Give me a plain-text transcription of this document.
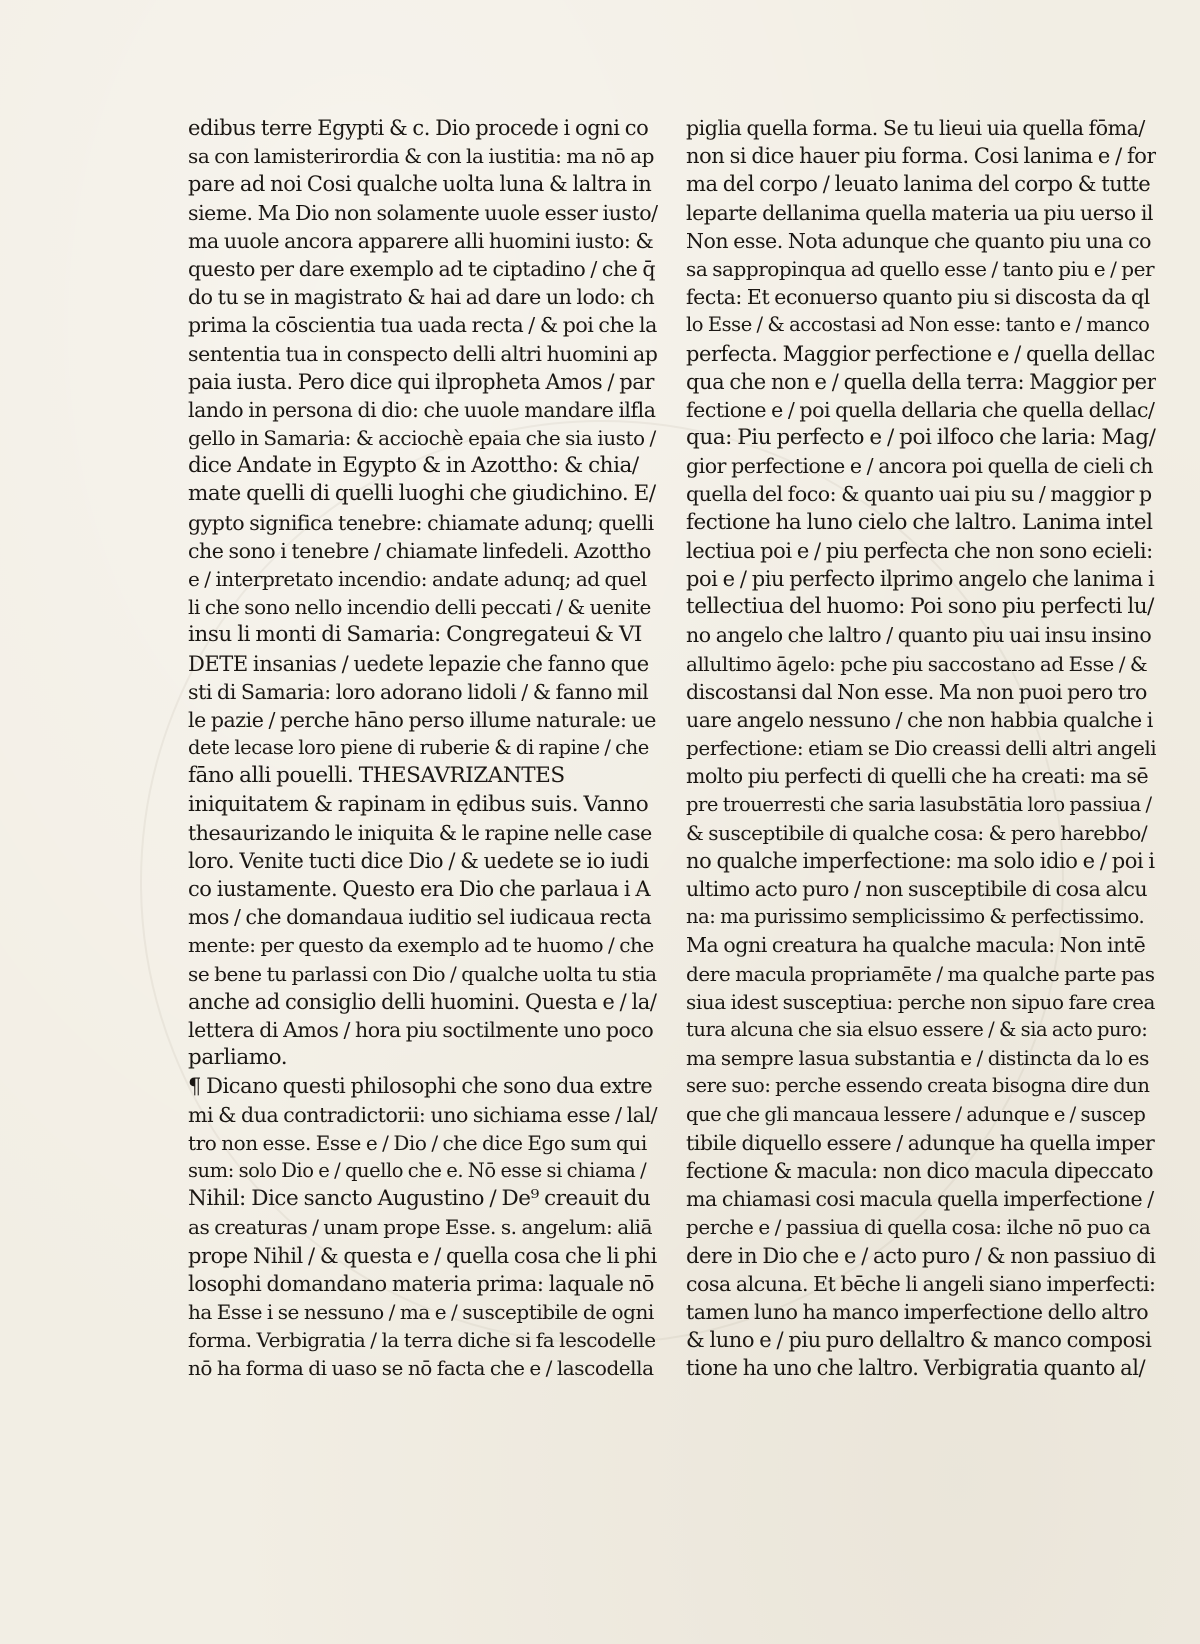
edibus terre Egypti & c. Dio procede i ogni co
sa con lamisterirordia & con la iustitia: ma nō ap
pare ad noi Cosi qualche uolta luna & laltra in
sieme. Ma Dio non solamente uuole esser iusto/
ma uuole ancora apparere alli huomini iusto: &
questo per dare exemplo ad te ciptadino / che q̄
do tu se in magistrato & hai ad dare un lodo: ch
prima la cōscientia tua uada recta / & poi che la
sententia tua in conspecto delli altri huomini ap
paia iusta. Pero dice qui ilpropheta Amos / par
lando in persona di dio: che uuole mandare ilfla
gello in Samaria: & acciochè epaia che sia iusto /
dice Andate in Egypto & in Azottho: & chia/
mate quelli di quelli luoghi che giudichino. E/
gypto significa tenebre: chiamate adunq; quelli
che sono i tenebre / chiamate linfedeli. Azottho
e / interpretato incendio: andate adunq; ad quel
li che sono nello incendio delli peccati / & uenite
insu li monti di Samaria: Congregateui & VI
DETE insanias / uedete lepazie che fanno que
sti di Samaria: loro adorano lidoli / & fanno mil
le pazie / perche hāno perso illume naturale: ue
dete lecase loro piene di ruberie & di rapine / che
fāno alli pouelli. THESAVRIZANTES
iniquitatem & rapinam in ędibus suis. Vanno
thesaurizando le iniquita & le rapine nelle case
loro. Venite tucti dice Dio / & uedete se io iudi
co iustamente. Questo era Dio che parlaua i A
mos / che domandaua iuditio sel iudicaua recta
mente: per questo da exemplo ad te huomo / che
se bene tu parlassi con Dio / qualche uolta tu stia
anche ad consiglio delli huomini. Questa e / la/
lettera di Amos / hora piu soctilmente uno poco
parliamo.
¶ Dicano questi philosophi che sono dua extre
mi & dua contradictorii: uno sichiama esse / lal/
tro non esse. Esse e / Dio / che dice Ego sum qui
sum: solo Dio e / quello che e. Nō esse si chiama /
Nihil: Dice sancto Augustino / De⁹ creauit du
as creaturas / unam prope Esse. s. angelum: aliā
prope Nihil / & questa e / quella cosa che li phi
losophi domandano materia prima: laquale nō
ha Esse i se nessuno / ma e / susceptibile de ogni
forma. Verbigratia / la terra diche si fa lescodelle
nō ha forma di uaso se nō facta che e / lascodella
piglia quella forma. Se tu lieui uia quella fōma/
non si dice hauer piu forma. Cosi lanima e / for
ma del corpo / leuato lanima del corpo & tutte
leparte dellanima quella materia ua piu uerso il
Non esse. Nota adunque che quanto piu una co
sa sappropinqua ad quello esse / tanto piu e / per
fecta: Et econuerso quanto piu si discosta da ql
lo Esse / & accostasi ad Non esse: tanto e / manco
perfecta. Maggior perfectione e / quella dellac
qua che non e / quella della terra: Maggior per
fectione e / poi quella dellaria che quella dellac/
qua: Piu perfecto e / poi ilfoco che laria: Mag/
gior perfectione e / ancora poi quella de cieli ch
quella del foco: & quanto uai piu su / maggior p
fectione ha luno cielo che laltro. Lanima intel
lectiua poi e / piu perfecta che non sono ecieli:
poi e / piu perfecto ilprimo angelo che lanima i
tellectiua del huomo: Poi sono piu perfecti lu/
no angelo che laltro / quanto piu uai insu insino
allultimo āgelo: pche piu saccostano ad Esse / &
discostansi dal Non esse. Ma non puoi pero tro
uare angelo nessuno / che non habbia qualche i
perfectione: etiam se Dio creassi delli altri angeli
molto piu perfecti di quelli che ha creati: ma sē
pre trouerresti che saria lasubstātia loro passiua /
& susceptibile di qualche cosa: & pero harebbo/
no qualche imperfectione: ma solo idio e / poi i
ultimo acto puro / non susceptibile di cosa alcu
na: ma purissimo semplicissimo & perfectissimo.
Ma ogni creatura ha qualche macula: Non intē
dere macula propriamēte / ma qualche parte pas
siua idest susceptiua: perche non sipuo fare crea
tura alcuna che sia elsuo essere / & sia acto puro:
ma sempre lasua substantia e / distincta da lo es
sere suo: perche essendo creata bisogna dire dun
que che gli mancaua lessere / adunque e / suscep
tibile diquello essere / adunque ha quella imper
fectione & macula: non dico macula dipeccato
ma chiamasi cosi macula quella imperfectione /
perche e / passiua di quella cosa: ilche nō puo ca
dere in Dio che e / acto puro / & non passiuo di
cosa alcuna. Et bēche li angeli siano imperfecti:
tamen luno ha manco imperfectione dello altro
& luno e / piu puro dellaltro & manco composi
tione ha uno che laltro. Verbigratia quanto al/
